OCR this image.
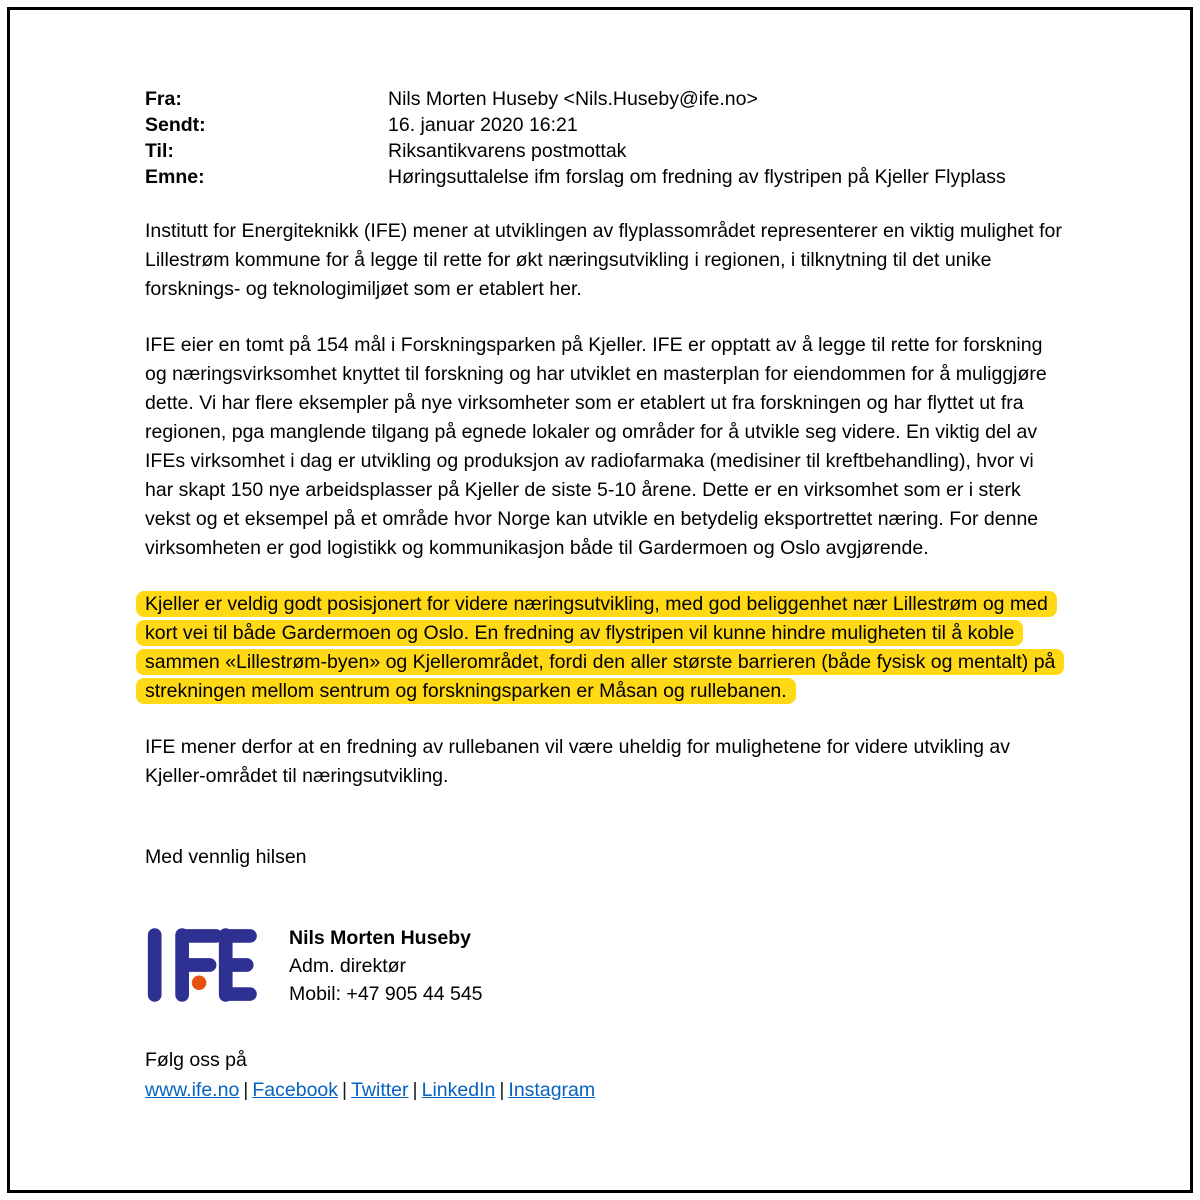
Fra:	Nils Morten Huseby <Nils.Huseby@ife.no>
Sendt:	16. januar 2020 16:21
Til:	Riksantikvarens postmottak
Emne:	Høringsuttalelse ifm forslag om fredning av flystripen på Kjeller Flyplass

Institutt for Energiteknikk (IFE) mener at utviklingen av flyplassområdet representerer en viktig mulighet for Lillestrøm kommune for å legge til rette for økt næringsutvikling i regionen, i tilknytning til det unike forsknings- og teknologimiljøet som er etablert her.

IFE eier en tomt på 154 mål i Forskningsparken på Kjeller. IFE er opptatt av å legge til rette for forskning og næringsvirksomhet knyttet til forskning og har utviklet en masterplan for eiendommen for å muliggjøre dette. Vi har flere eksempler på nye virksomheter som er etablert ut fra forskningen og har flyttet ut fra regionen, pga manglende tilgang på egnede lokaler og områder for å utvikle seg videre. En viktig del av IFEs virksomhet i dag er utvikling og produksjon av radiofarmaka (medisiner til kreftbehandling), hvor vi har skapt 150 nye arbeidsplasser på Kjeller de siste 5-10 årene. Dette er en virksomhet som er i sterk vekst og et eksempel på et område hvor Norge kan utvikle en betydelig eksportrettet næring. For denne virksomheten er god logistikk og kommunikasjon både til Gardermoen og Oslo avgjørende.

Kjeller er veldig godt posisjonert for videre næringsutvikling, med god beliggenhet nær Lillestrøm og med kort vei til både Gardermoen og Oslo. En fredning av flystripen vil kunne hindre muligheten til å koble sammen «Lillestrøm-byen» og Kjellerområdet, fordi den aller største barrieren (både fysisk og mentalt) på strekningen mellom sentrum og forskningsparken er Måsan og rullebanen.

IFE mener derfor at en fredning av rullebanen vil være uheldig for mulighetene for videre utvikling av Kjeller-området til næringsutvikling.

Med vennlig hilsen

Nils Morten Huseby
Adm. direktør
Mobil: +47 905 44 545
Følg oss på
www.ife.no | Facebook | Twitter | LinkedIn | Instagram
